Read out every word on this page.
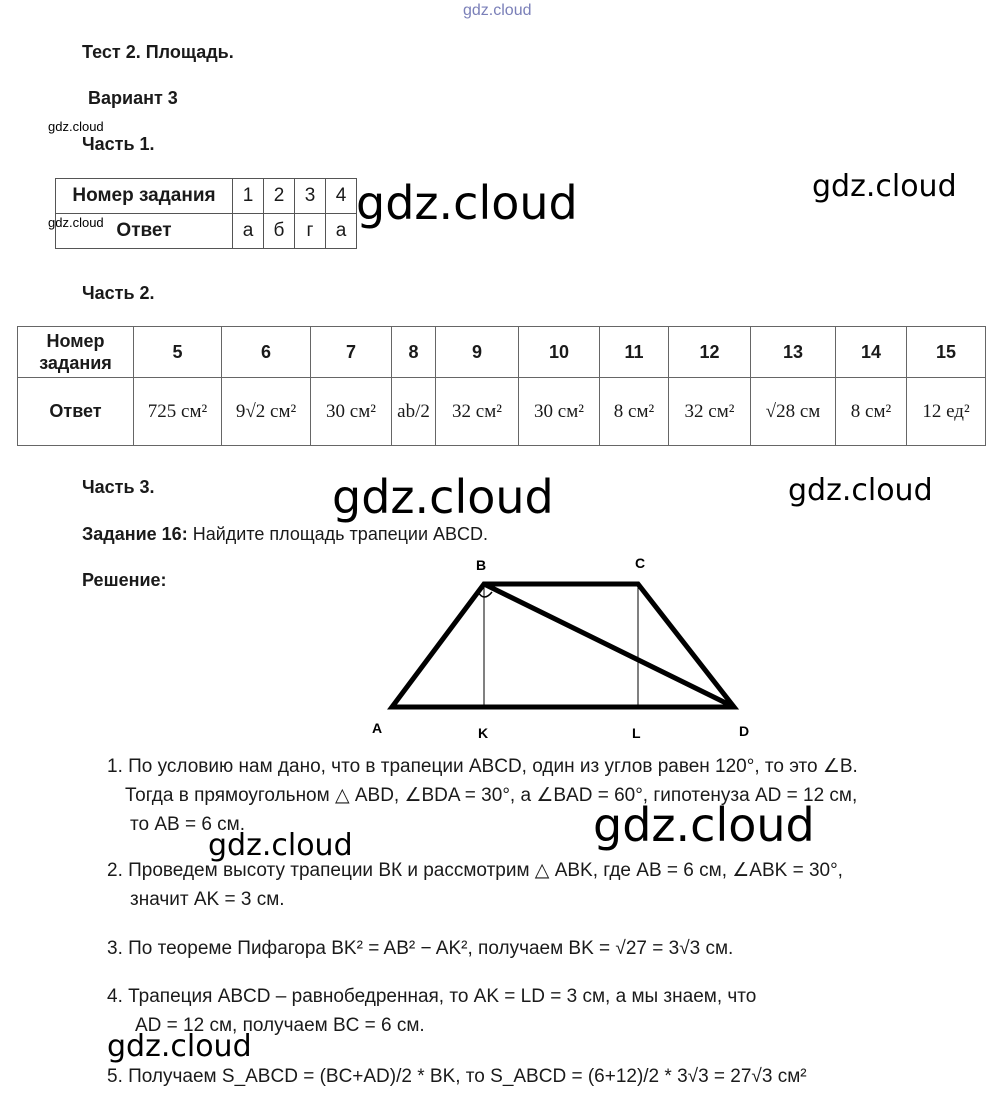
gdz.cloud
gdz.cloud
gdz.cloud	gdz.cloud	gdz.cloud
gdz.cloud	gdz.cloud
gdz.cloud
gdz.cloud
gdz.cloud
Тест 2. Площадь.
Вариант 3
Часть 1.
Номер задания	1	2	3	4
Ответ	а	б	г	а
Часть 2.
Номер задания	5	6	7	8	9	10	11	12	13	14	15
Ответ	725 см²	9√2 см²	30 см²	ab/2	32 см²	30 см²	8 см²	32 см²	√28 см	8 см²	12 ед²
Часть 3.
Задание 16: Найдите площадь трапеции ABCD.
Решение:
B	C
A	K	L	D
1. По условию нам дано, что в трапеции ABCD, один из углов равен 120°, то это ∠B.
Тогда в прямоугольном △ ABD, ∠BDA = 30°, а ∠BAD = 60°, гипотенуза AD = 12 см,
то AB = 6 см.
2. Проведем высоту трапеции ВК и рассмотрим △ ABK, где AB = 6 см, ∠ABK = 30°,
значит AK = 3 см.
3. По теореме Пифагора BK² = AB² − AK², получаем BK = √27 = 3√3 см.
4. Трапеция ABCD – равнобедренная, то AK = LD = 3 см, а мы знаем, что
AD = 12 см, получаем BC = 6 см.
5. Получаем S_ABCD = (BC+AD)/2 * BK, то S_ABCD = (6+12)/2 * 3√3 = 27√3 см²
